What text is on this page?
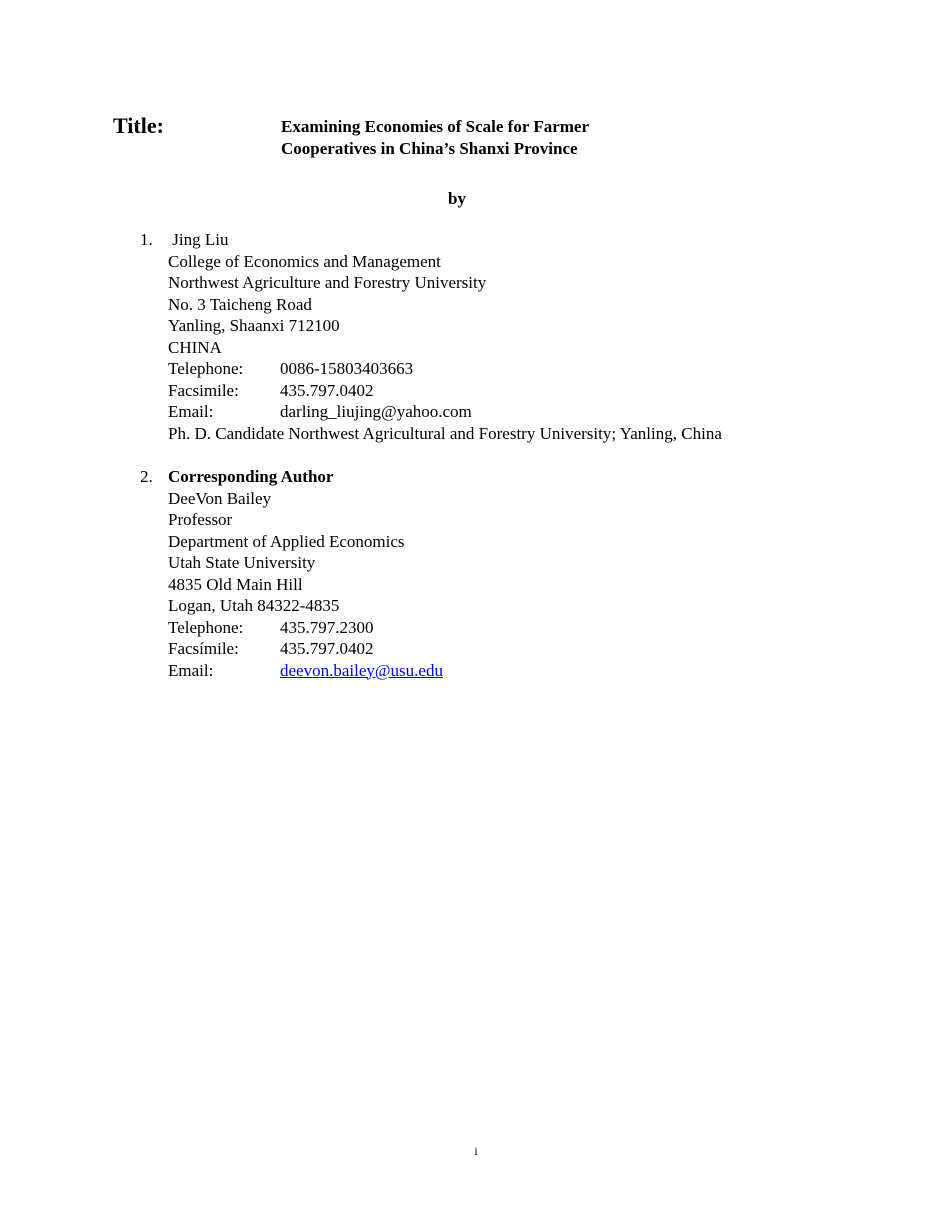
Title:	Examining Economies of Scale for Farmer
Cooperatives in China’s Shanxi Province
by
1. Jing Liu
College of Economics and Management
Northwest Agriculture and Forestry University
No. 3 Taicheng Road
Yanling, Shaanxi 712100
CHINA
Telephone: 0086-15803403663
Facsimile: 435.797.0402
Email:	darling_liujing@yahoo.com
Ph. D. Candidate Northwest Agricultural and Forestry University; Yanling, China
2. Corresponding Author
DeeVon Bailey
Professor
Department of Applied Economics
Utah State University
4835 Old Main Hill
Logan, Utah 84322-4835
Telephone: 435.797.2300
Facsímile: 435.797.0402
Email:	deevon.bailey@usu.edu
i
